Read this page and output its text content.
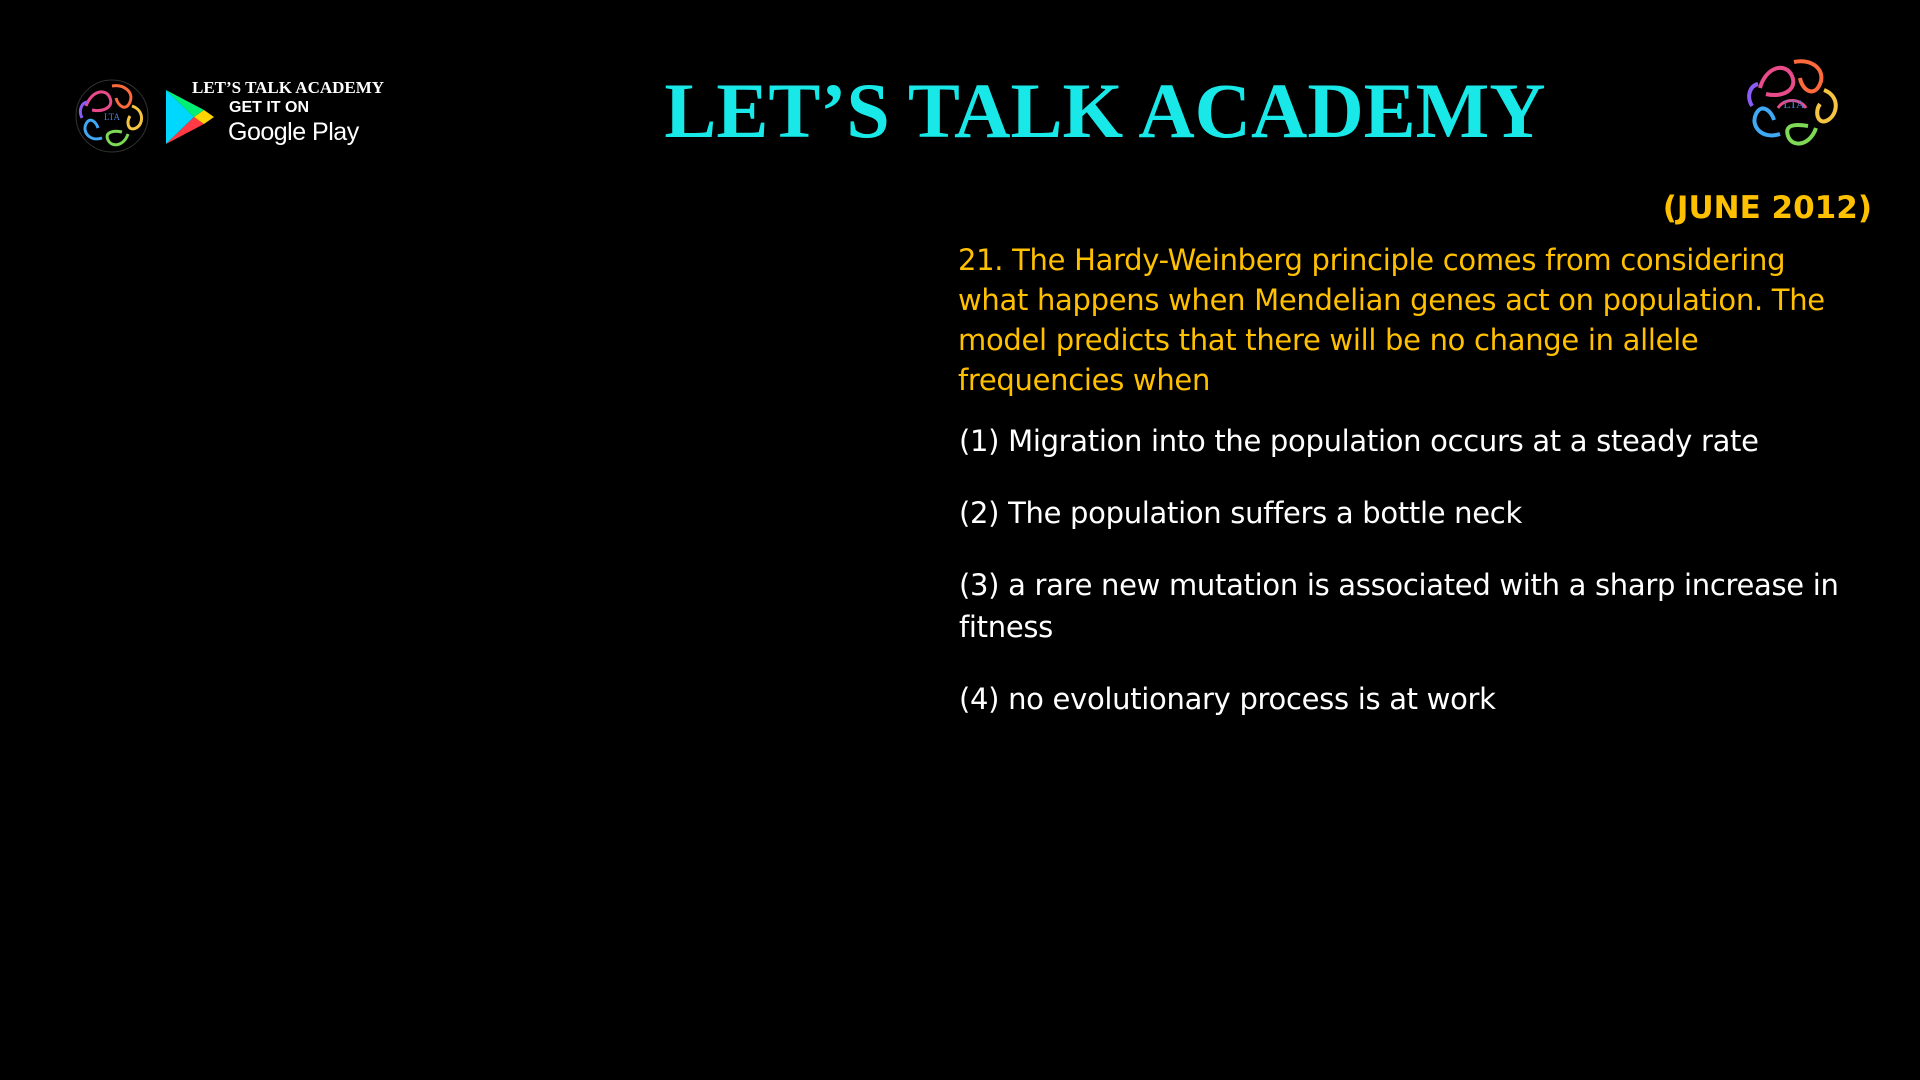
LTA
LET’S TALK ACADEMY
GET IT ON
Google Play	LET’S TALK ACADEMY	LTA
(JUNE 2012)
21. The Hardy-Weinberg principle comes from considering what happens when Mendelian genes act on population. The model predicts that there will be no change in allele frequencies when
(1) Migration into the population occurs at a steady rate
(2) The population suffers a bottle neck
(3) a rare new mutation is associated with a sharp increase in fitness
(4) no evolutionary process is at work
